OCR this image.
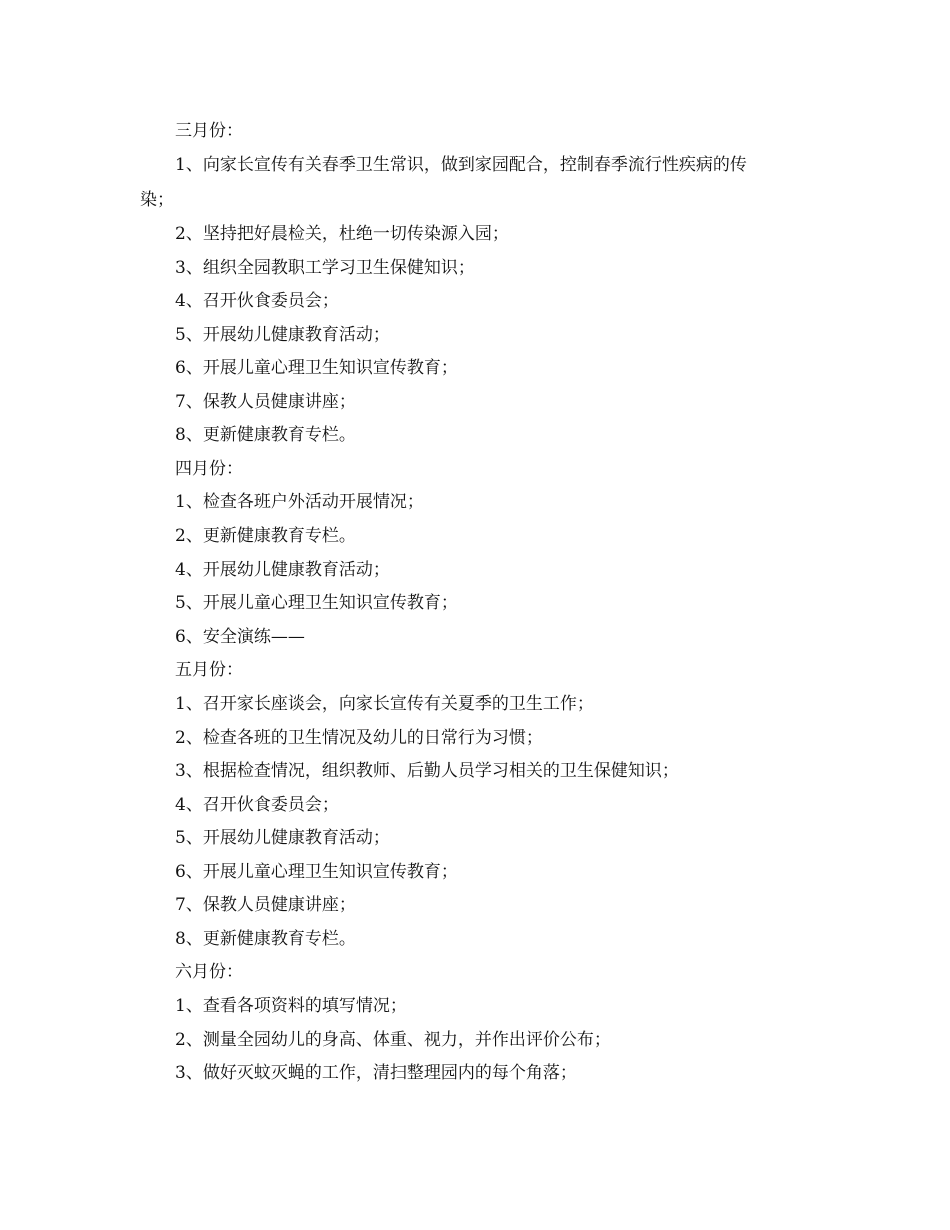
三月份：
1、向家长宣传有关春季卫生常识，做到家园配合，控制春季流行性疾病的传
染；
2、坚持把好晨检关，杜绝一切传染源入园；
3、组织全园教职工学习卫生保健知识；
4、召开伙食委员会；
5、开展幼儿健康教育活动；
6、开展儿童心理卫生知识宣传教育；
7、保教人员健康讲座；
8、更新健康教育专栏。
四月份：
1、检查各班户外活动开展情况；
2、更新健康教育专栏。
4、开展幼儿健康教育活动；
5、开展儿童心理卫生知识宣传教育；
6、安全演练——
五月份：
1、召开家长座谈会，向家长宣传有关夏季的卫生工作；
2、检查各班的卫生情况及幼儿的日常行为习惯；
3、根据检查情况，组织教师、后勤人员学习相关的卫生保健知识；
4、召开伙食委员会；
5、开展幼儿健康教育活动；
6、开展儿童心理卫生知识宣传教育；
7、保教人员健康讲座；
8、更新健康教育专栏。
六月份：
1、查看各项资料的填写情况；
2、测量全园幼儿的身高、体重、视力，并作出评价公布；
3、做好灭蚊灭蝇的工作，清扫整理园内的每个角落；
